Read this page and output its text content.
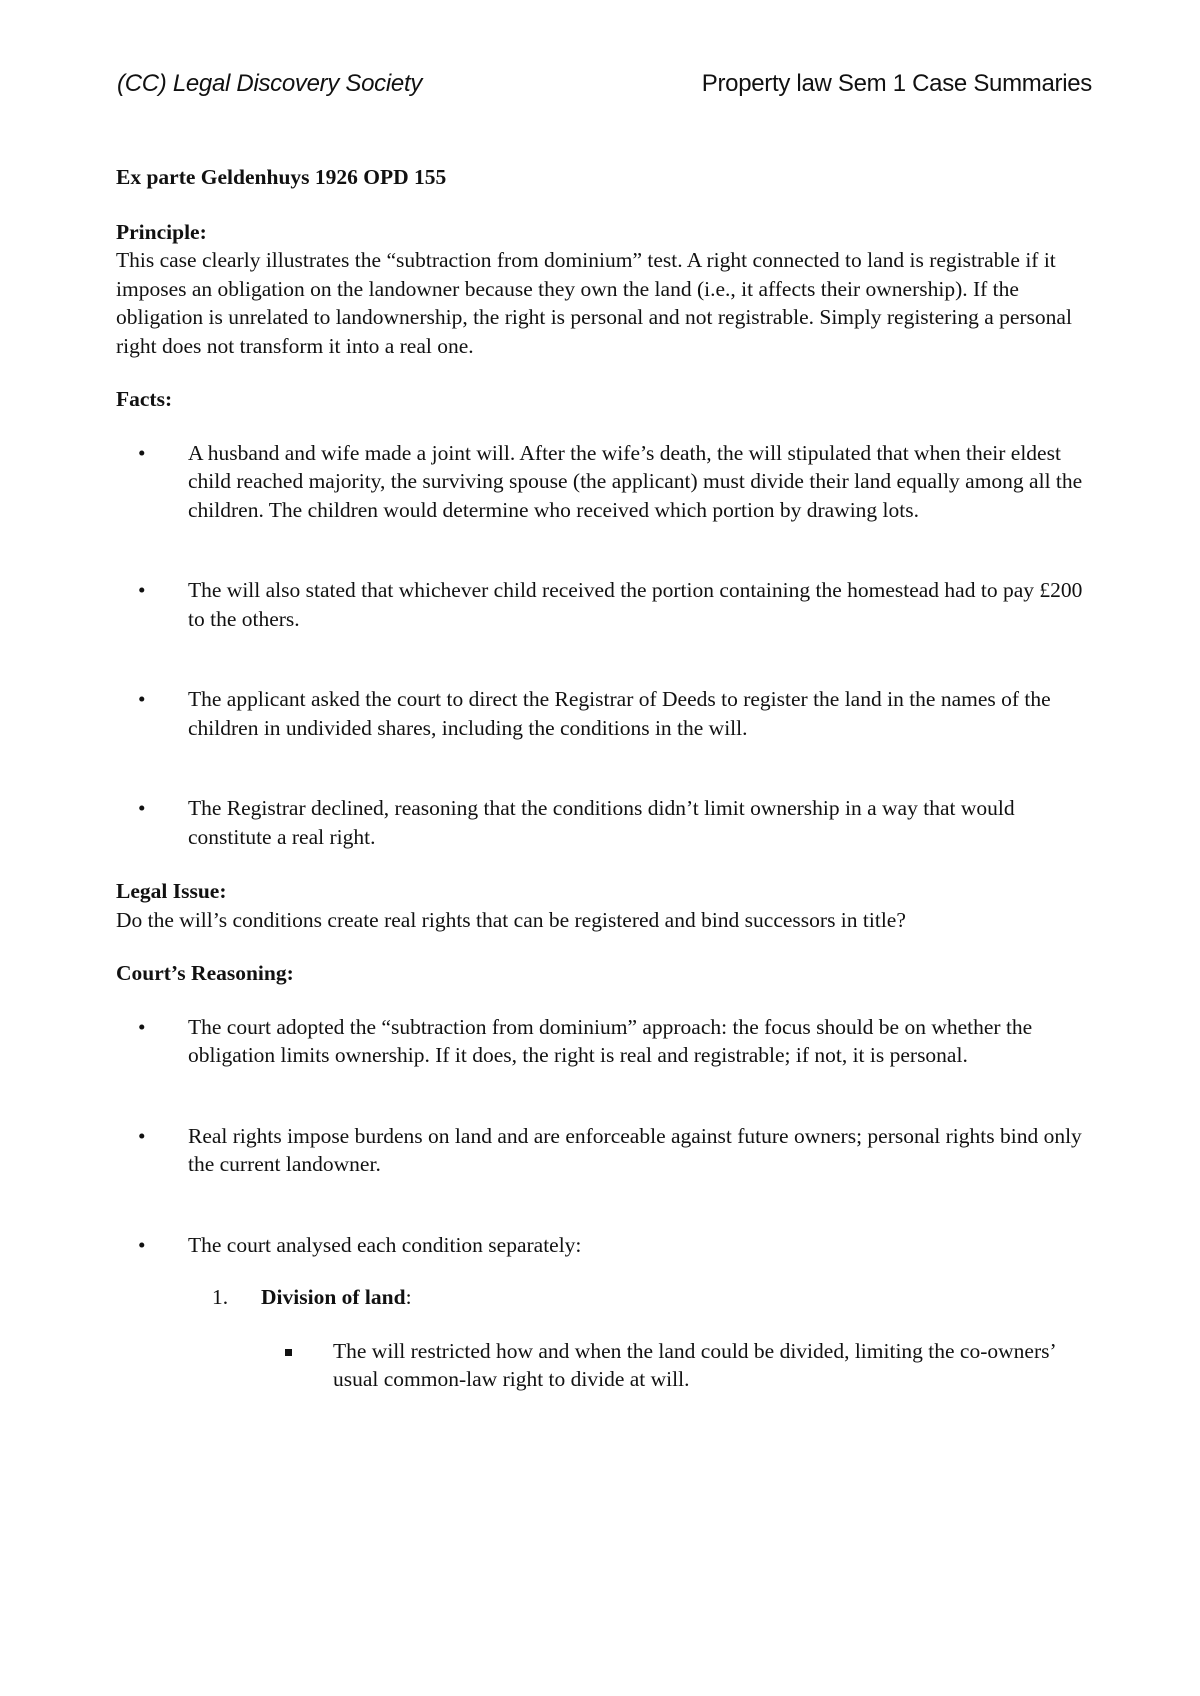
(CC) Legal Discovery Society	Property law Sem 1 Case Summaries

Ex parte Geldenhuys 1926 OPD 155

Principle:

This case clearly illustrates the “subtraction from dominium” test. A right connected to land is registrable if it imposes an obligation on the landowner because they own the land (i.e., it affects their ownership). If the obligation is unrelated to landownership, the right is personal and not registrable. Simply registering a personal right does not transform it into a real one.

Facts:

• A husband and wife made a joint will. After the wife’s death, the will stipulated that when their eldest child reached majority, the surviving spouse (the applicant) must divide their land equally among all the children. The children would determine who received which portion by drawing lots.
• The will also stated that whichever child received the portion containing the homestead had to pay £200 to the others.
• The applicant asked the court to direct the Registrar of Deeds to register the land in the names of the children in undivided shares, including the conditions in the will.
• The Registrar declined, reasoning that the conditions didn’t limit ownership in a way that would constitute a real right.

Legal Issue:

Do the will’s conditions create real rights that can be registered and bind successors in title?

Court’s Reasoning:

• The court adopted the “subtraction from dominium” approach: the focus should be on whether the obligation limits ownership. If it does, the right is real and registrable; if not, it is personal.
• Real rights impose burdens on land and are enforceable against future owners; personal rights bind only the current landowner.
• The court analysed each condition separately:
1. Division of land:
The will restricted how and when the land could be divided, limiting the co-owners’ usual common-law right to divide at will.
